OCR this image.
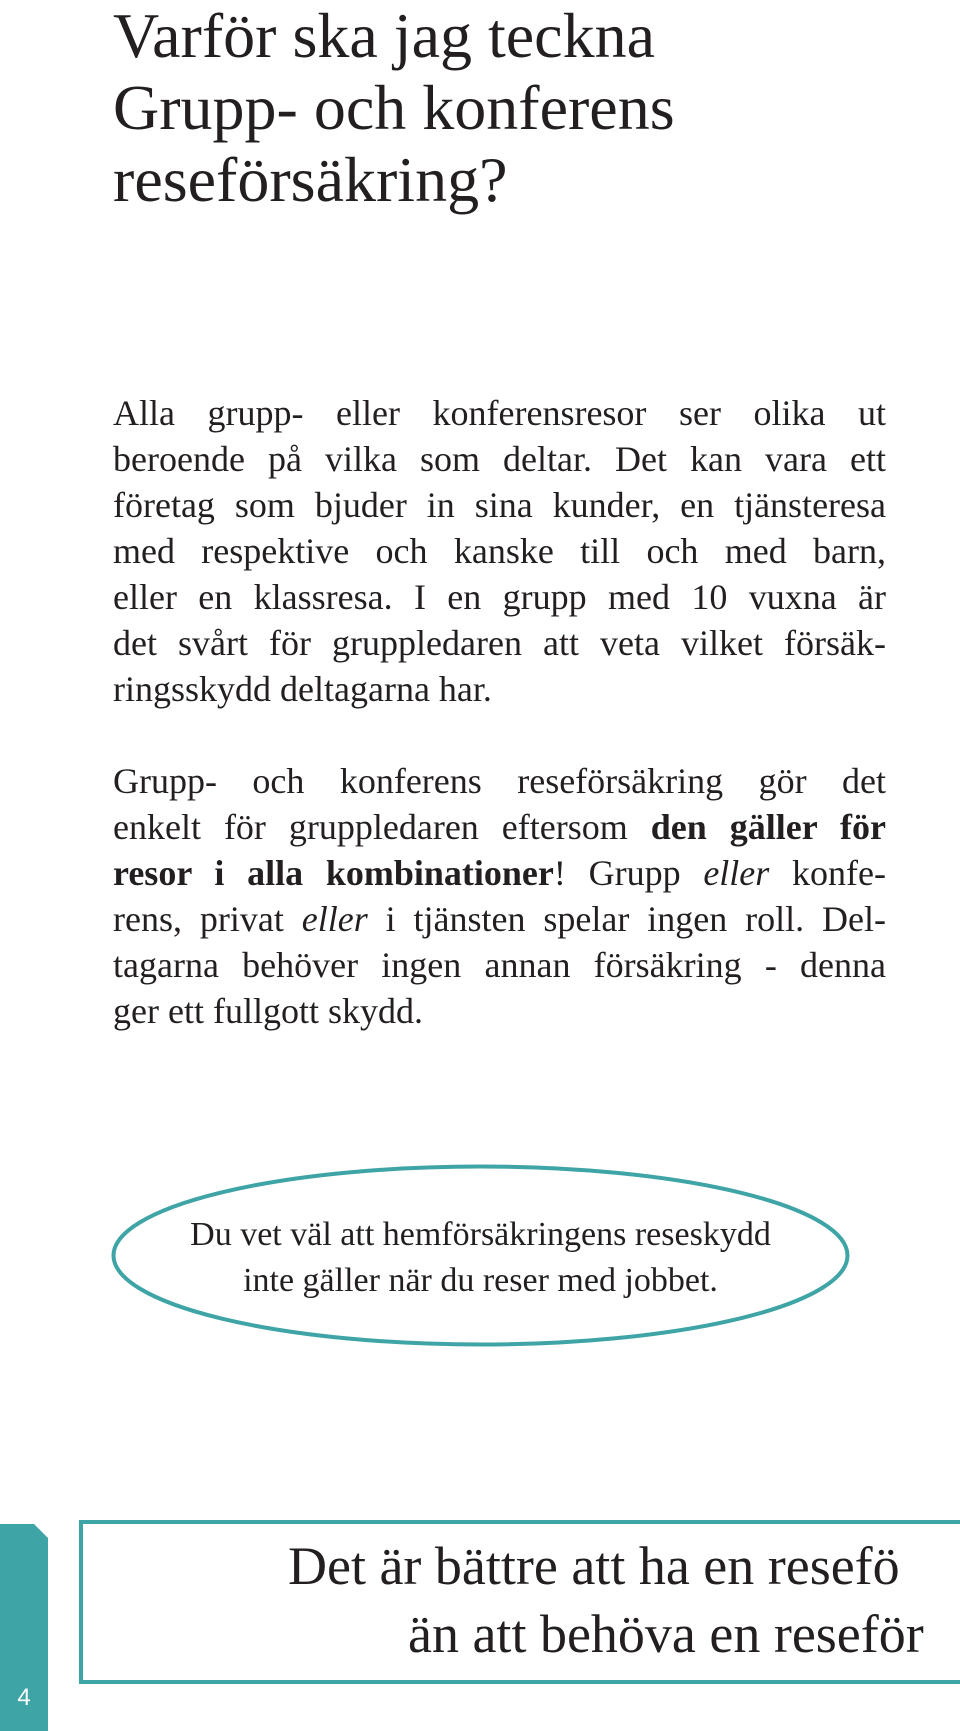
Varför ska jag teckna
Grupp- och konferens
reseförsäkring?

Alla grupp- eller konferensresor ser olika ut
beroende på vilka som deltar. Det kan vara ett
företag som bjuder in sina kunder, en tjänsteresa
med respektive och kanske till och med barn,
eller en klassresa. I en grupp med 10 vuxna är
det svårt för gruppledaren att veta vilket försäk-
ringsskydd deltagarna har.

Grupp- och konferens reseförsäkring gör det
enkelt för gruppledaren eftersom den gäller för
resor i alla kombinationer! Grupp eller konfe-
rens, privat eller i tjänsten spelar ingen roll. Del-
tagarna behöver ingen annan försäkring - denna
ger ett fullgott skydd.

Du vet väl att hemförsäkringens reseskydd
inte gäller när du reser med jobbet.
4
Det är bättre att ha en resefö
än att behöva en reseför
